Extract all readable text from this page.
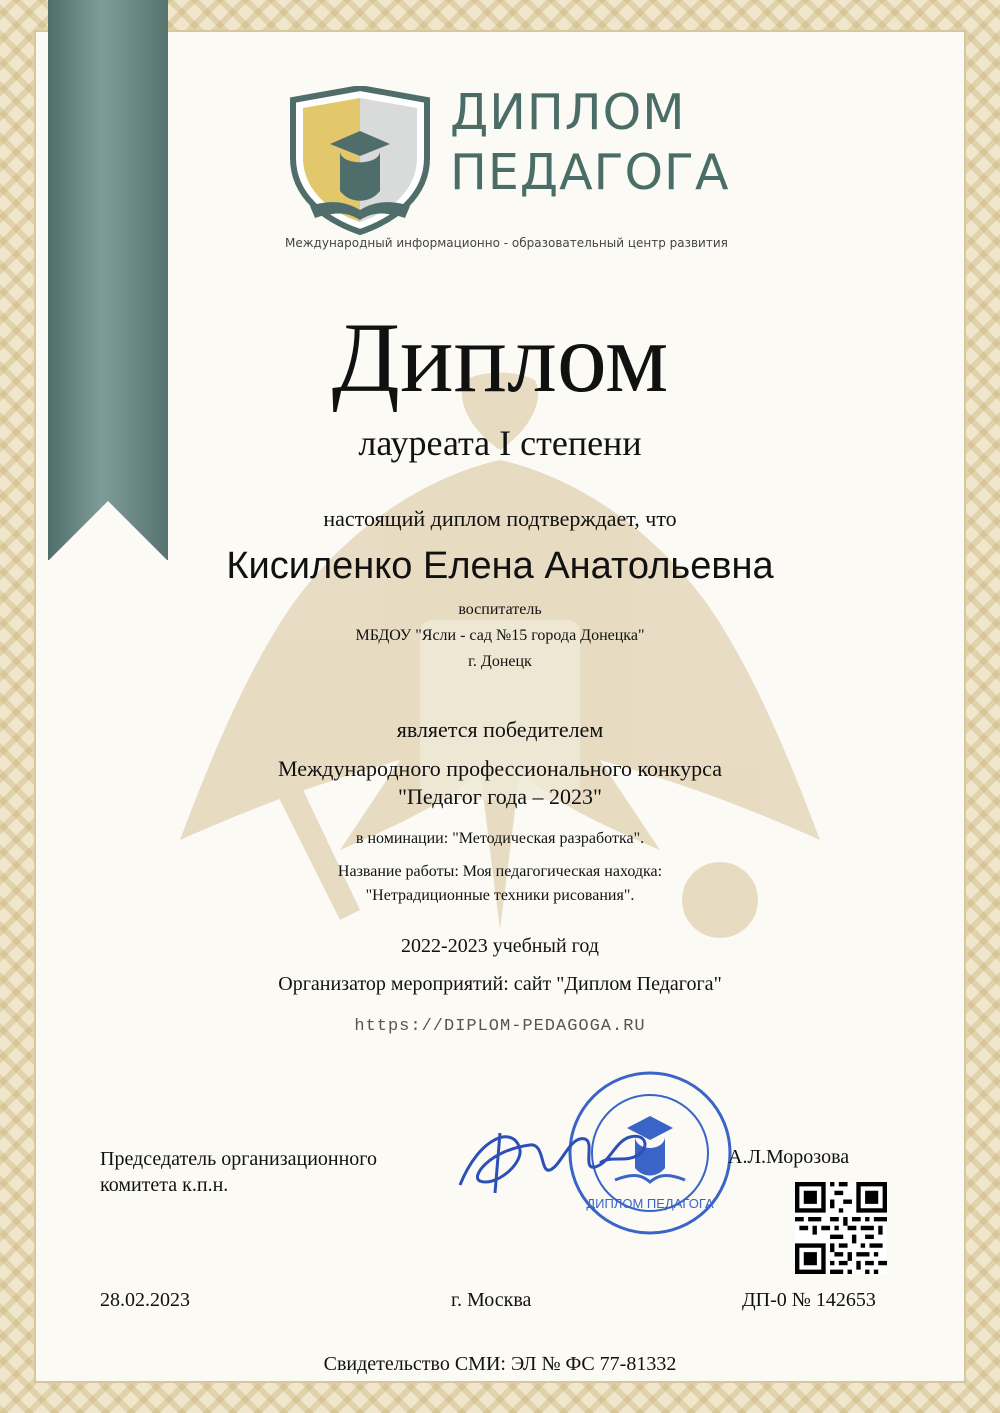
ДИПЛОМ
ПЕДАГОГА
Международный информационно - образовательный центр развития
Диплом
лауреата I степени
настоящий диплом подтверждает, что
Кисиленко Елена Анатольевна
воспитатель
МБДОУ "Ясли - сад №15 города Донецка"
г. Донецк
является победителем
Международного профессионального конкурса
"Педагог года – 2023"
в номинации: "Методическая разработка".
Название работы: Моя педагогическая находка:
"Нетрадиционные техники рисования".
2022-2023 учебный год
Организатор мероприятий: сайт "Диплом Педагога"
https://DIPLOM-PEDAGOGA.RU
Председатель организационного
комитета к.п.н.
ДИПЛОМ ПЕДАГОГА
А.Л.Морозова
28.02.2023	г. Москва	ДП-0 № 142653
Свидетельство СМИ: ЭЛ № ФС 77-81332
